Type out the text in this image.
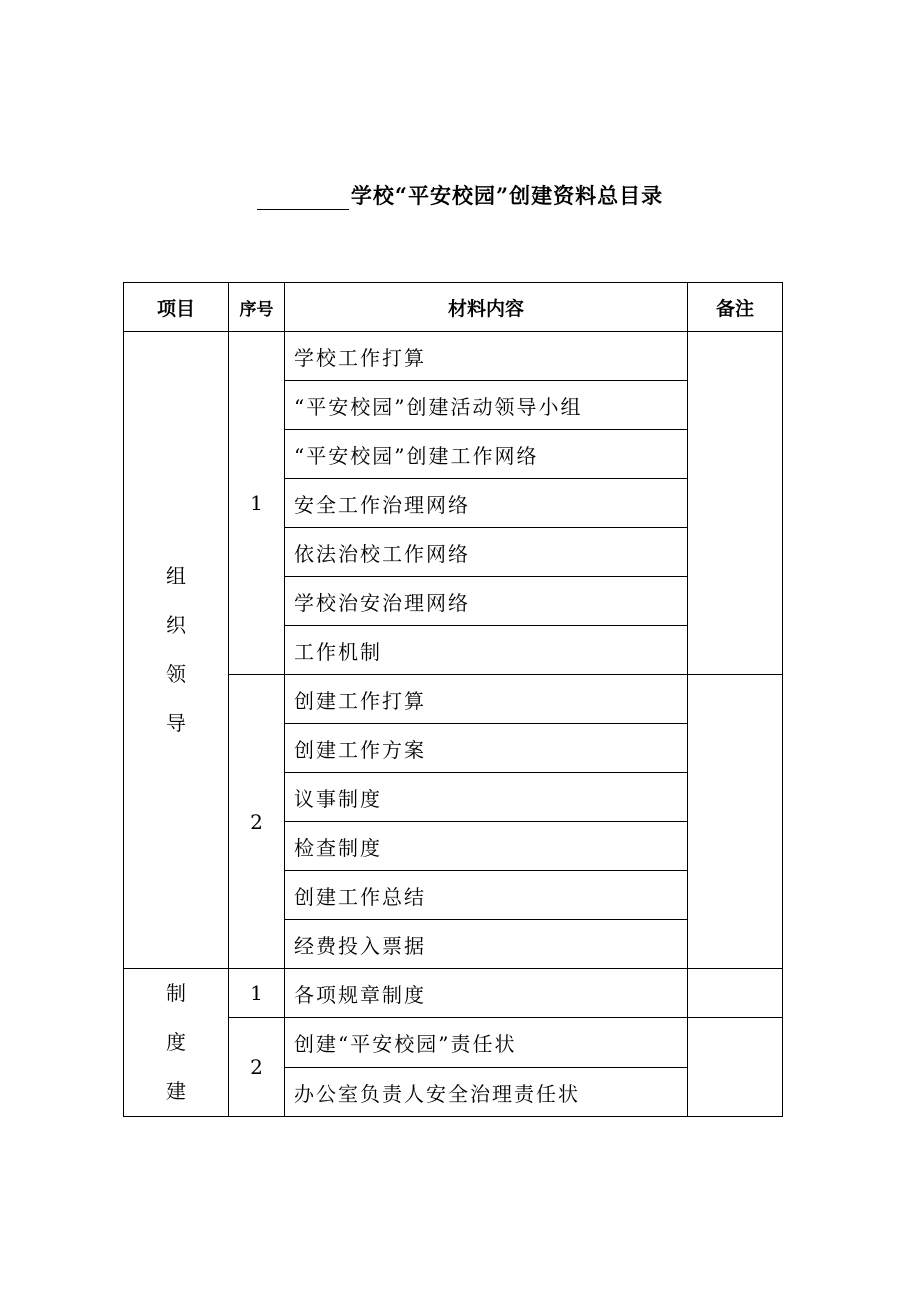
学校“平安校园”创建资料总目录
项目	序号	材料内容	备注

组
织
领
导	1	学校工作打算	
		“平安校园”创建活动领导小组	
		“平安校园”创建工作网络	
		安全工作治理网络	
		依法治校工作网络	
		学校治安治理网络	
		工作机制	
	2	创建工作打算	
		创建工作方案	
		议事制度	
		检查制度	
		创建工作总结	
		经费投入票据	

制
度
建	1	各项规章制度	
	2	创建“平安校园”责任状	
		办公室负责人安全治理责任状	
